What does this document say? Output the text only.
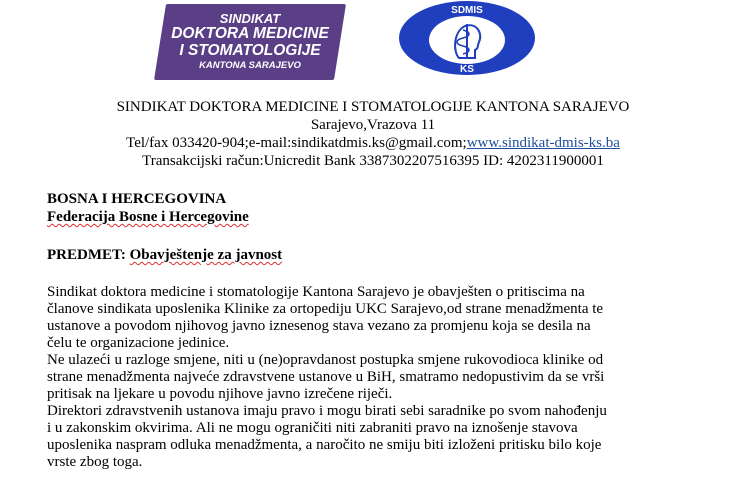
SINDIKAT
DOKTORA MEDICINE
I STOMATOLOGIJE
KANTONA SARAJEVO
SDMIS
KS
SINDIKAT DOKTORA MEDICINE I STOMATOLOGIJE KANTONA SARAJEVO
Sarajevo,Vrazova 11
Tel/fax 033420-904;e-mail:sindikatdmis.ks@gmail.com;www.sindikat-dmis-ks.ba
Transakcijski račun:Unicredit Bank 3387302207516395 ID: 4202311900001
BOSNA I HERCEGOVINA
Federacija Bosne i Hercegovine
PREDMET: Obavještenje za javnost
Sindikat doktora medicine i stomatologije Kantona Sarajevo je obavješten o pritiscima na
članove sindikata uposlenika Klinike za ortopediju UKC Sarajevo,od strane menadžmenta te
ustanove a povodom njihovog javno iznesenog stava vezano za promjenu koja se desila na
čelu te organizacione jedinice.
Ne ulazeći u razloge smjene, niti u (ne)opravdanost postupka smjene rukovodioca klinike od
strane menadžmenta najveće zdravstvene ustanove u BiH, smatramo nedopustivim da se vrši
pritisak na ljekare u povodu njihove javno izrečene riječi.
Direktori zdravstvenih ustanova imaju pravo i mogu birati sebi saradnike po svom nahođenju
i u zakonskim okvirima. Ali ne mogu ograničiti niti zabraniti pravo na iznošenje stavova
uposlenika naspram odluka menadžmenta, a naročito ne smiju biti izloženi pritisku bilo koje
vrste zbog toga.
